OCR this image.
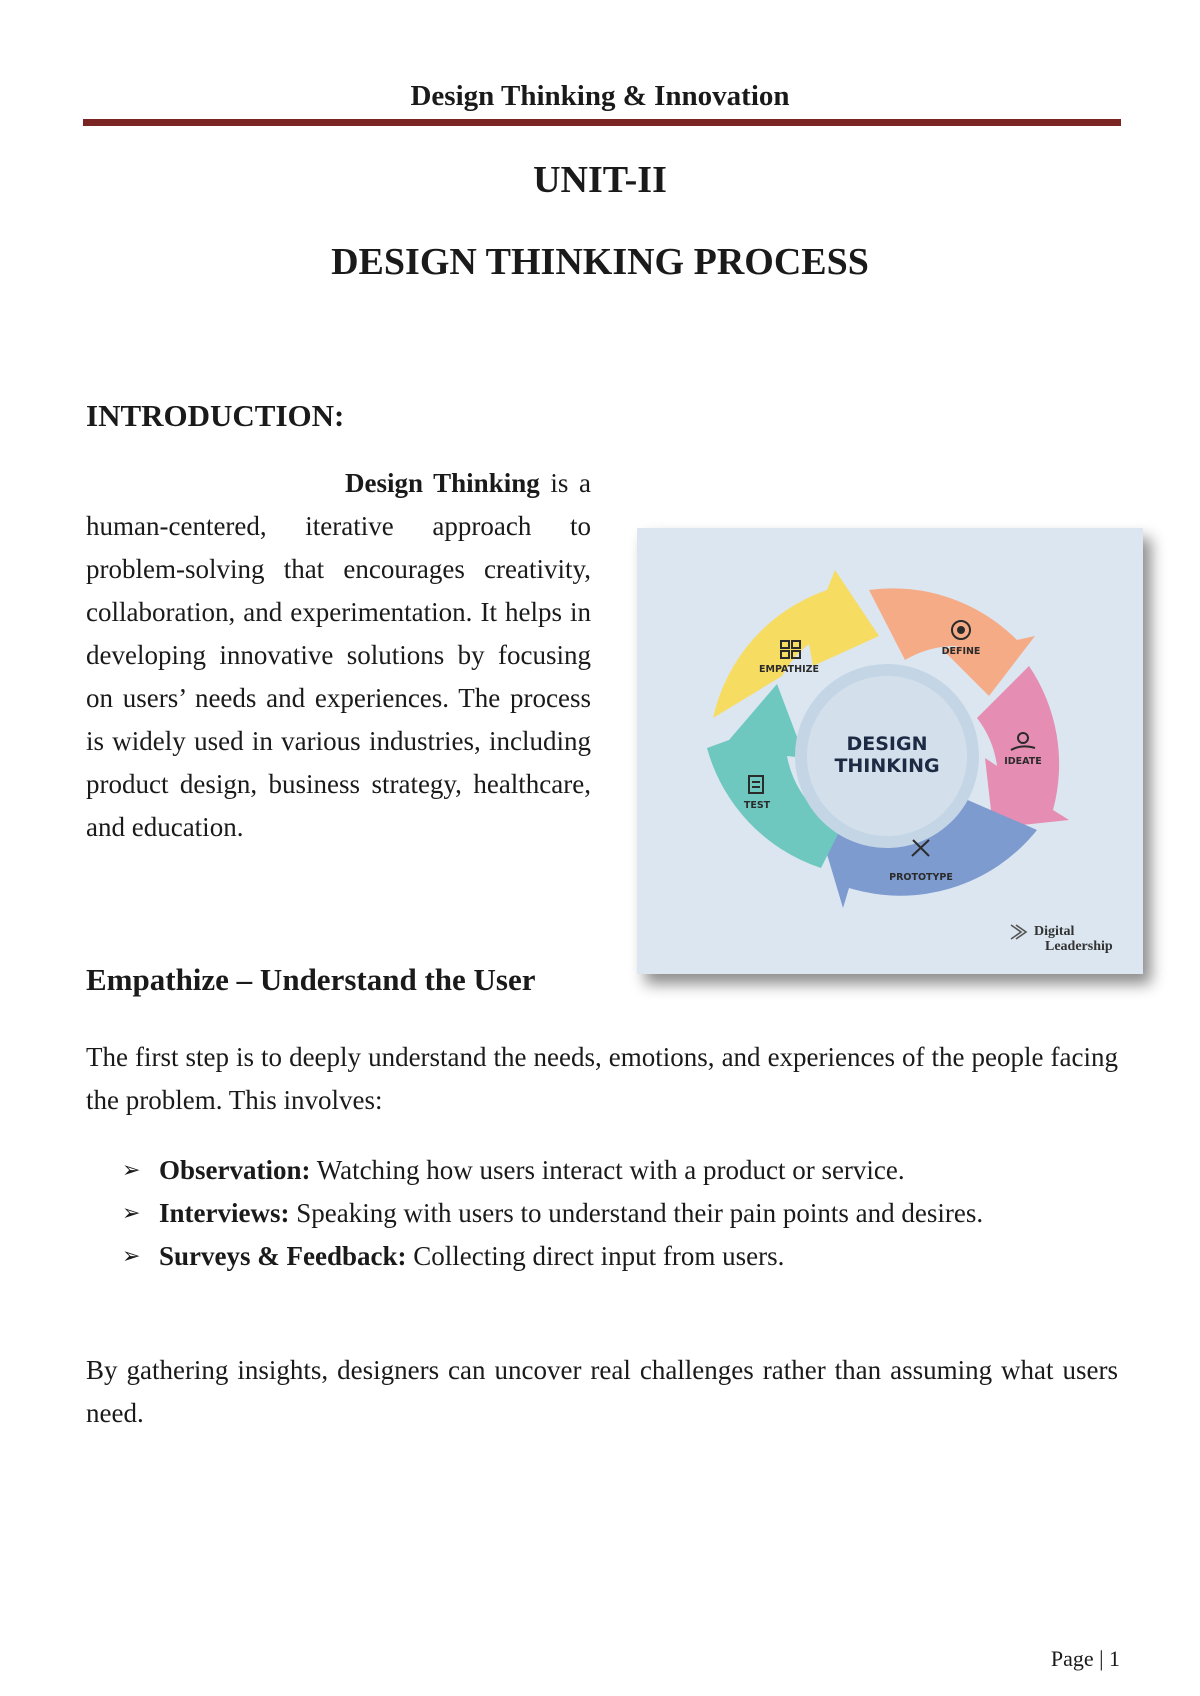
Design Thinking & Innovation
UNIT-II
DESIGN THINKING PROCESS
INTRODUCTION:

Design Thinking is a human-centered, iterative approach to problem-solving that encourages creativity, collaboration, and experimentation. It helps in developing innovative solutions by focusing on users’ needs and experiences. The process is widely used in various industries, including product design, business strategy, healthcare, and education.

DESIGN
THINKING
EMPATHIZE
DEFINE
IDEATE
PROTOTYPE
TEST
Digital
Leadership
Empathize – Understand the User

The first step is to deeply understand the needs, emotions, and experiences of the people facing the problem. This involves:

➢ Observation: Watching how users interact with a product or service.
➢ Interviews: Speaking with users to understand their pain points and desires.
➢ Surveys & Feedback: Collecting direct input from users.

By gathering insights, designers can uncover real challenges rather than assuming what users need.

Page | 1
